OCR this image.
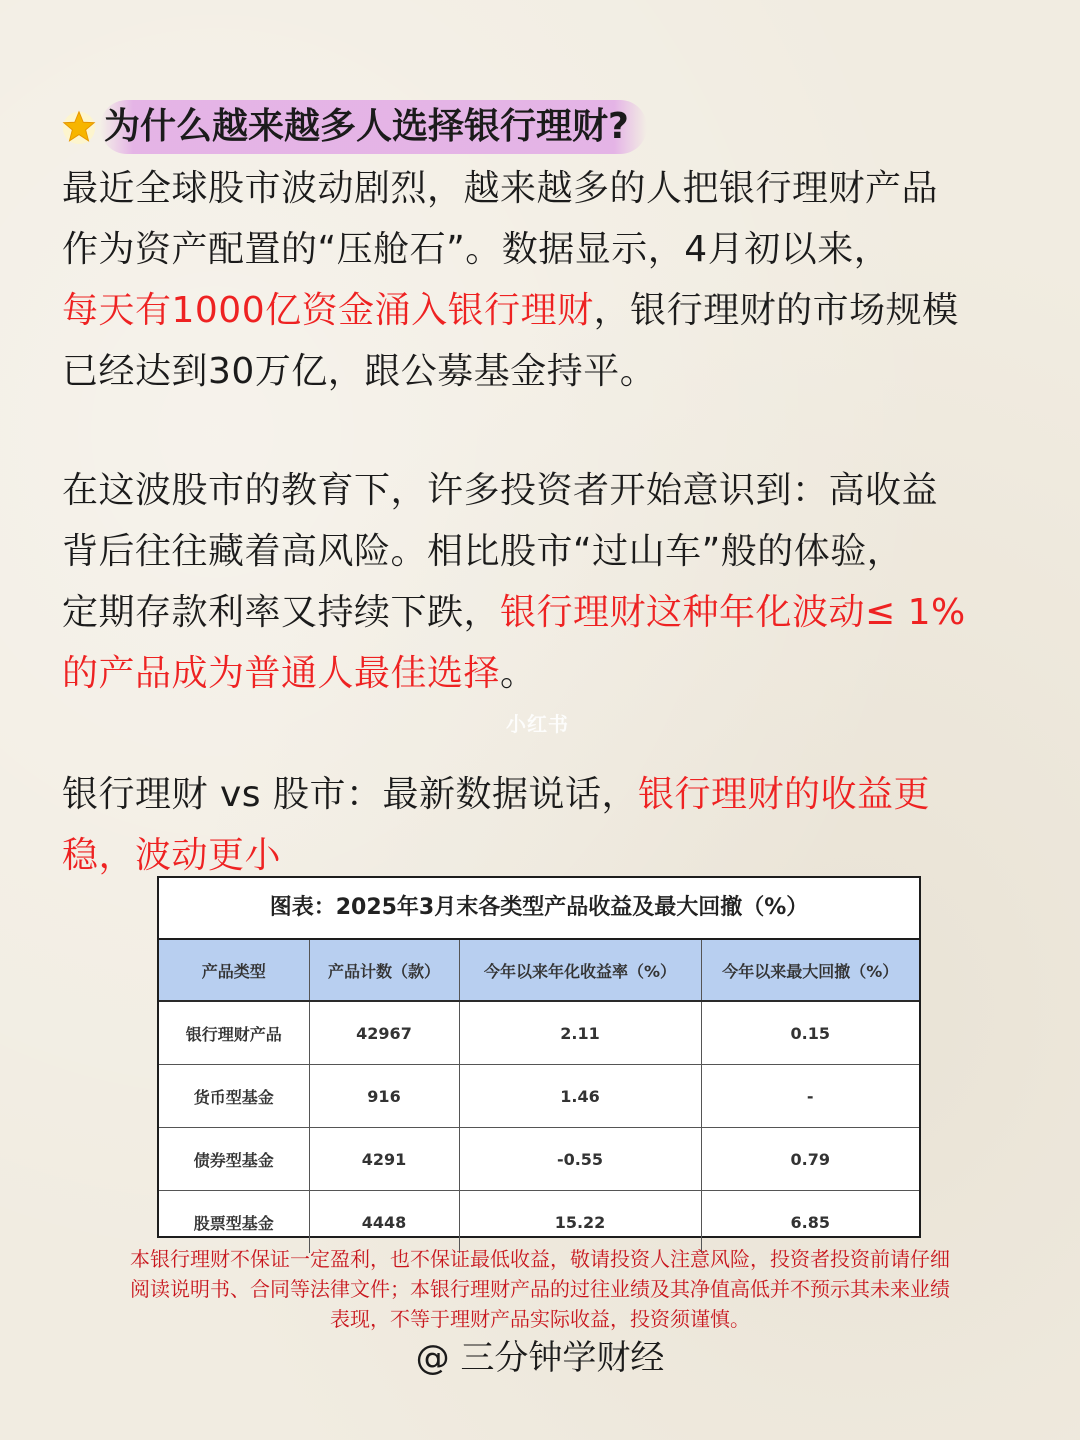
为什么越来越多人选择银行理财?

最近全球股市波动剧烈，越来越多的人把银行理财产品

作为资产配置的“压舱石”。数据显示，4月初以来，

每天有1000亿资金涌入银行理财，银行理财的市场规模

已经达到30万亿，跟公募基金持平。

在这波股市的教育下，许多投资者开始意识到：高收益

背后往往藏着高风险。相比股市“过山车”般的体验，

定期存款利率又持续下跌，银行理财这种年化波动≤ 1%

的产品成为普通人最佳选择。

小红书

银行理财 vs 股市：最新数据说话，银行理财的收益更

稳，波动更小

图表：2025年3月末各类型产品收益及最大回撤（%）
产品类型	产品计数（款）	今年以来年化收益率（%）	今年以来最大回撤（%）
银行理财产品	42967	2.11	0.15
货币型基金	916	1.46	-
债券型基金	4291	-0.55	0.79
股票型基金	4448	15.22	6.85

本银行理财不保证一定盈利，也不保证最低收益，敬请投资人注意风险，投资者投资前请仔细

阅读说明书、合同等法律文件；本银行理财产品的过往业绩及其净值高低并不预示其未来业绩

表现，不等于理财产品实际收益，投资须谨慎。

@ 三分钟学财经
